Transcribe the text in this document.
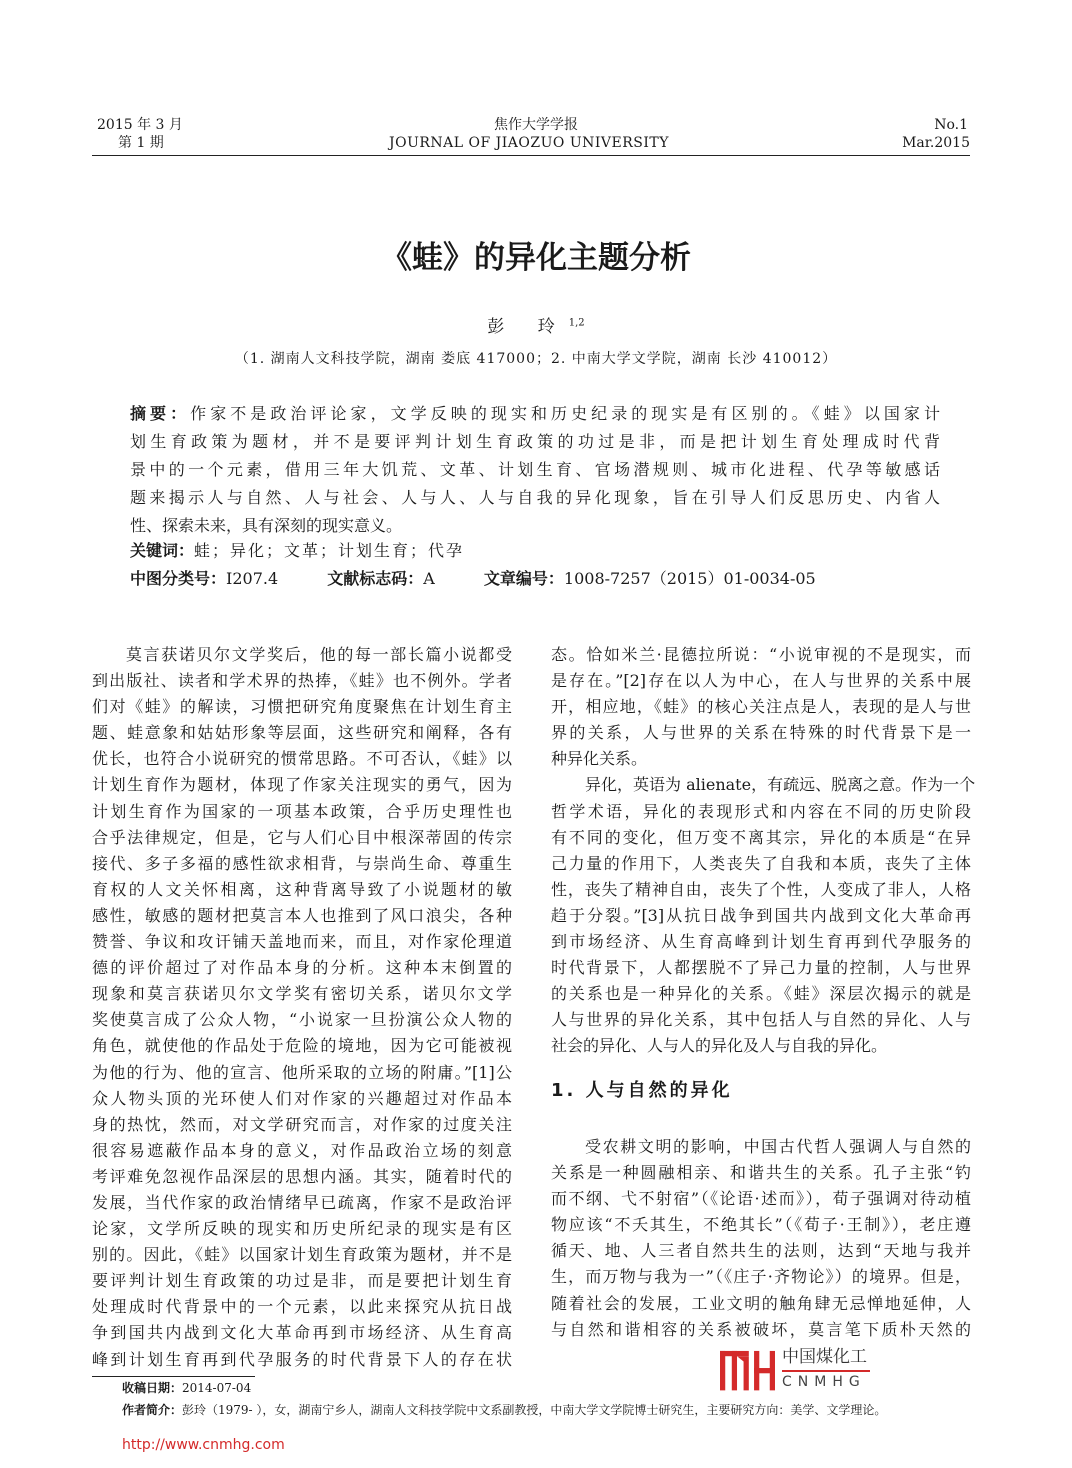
2015 年 3 月
第 1 期
焦作大学学报
JOURNAL OF JIAOZUO UNIVERSITY
No.1
Mar.2015
《蛙》的异化主题分析
彭 玲$^{1,2}$
（1. 湖南人文科技学院，湖南 娄底 417000；2. 中南大学文学院，湖南 长沙 410012）
摘要：作家不是政治评论家，文学反映的现实和历史纪录的现实是有区别的。《蛙》以国家计
划生育政策为题材，并不是要评判计划生育政策的功过是非，而是把计划生育处理成时代背
景中的一个元素，借用三年大饥荒、文革、计划生育、官场潜规则、城市化进程、代孕等敏感话
题来揭示人与自然、人与社会、人与人、人与自我的异化现象，旨在引导人们反思历史、内省人
性、探索未来，具有深刻的现实意义。
关键词：蛙；异化；文革；计划生育；代孕
中图分类号：I207.4	文献标志码：A	文章编号：1008-7257（2015）01-0034-05
莫言获诺贝尔文学奖后，他的每一部长篇小说都受
到出版社、读者和学术界的热捧，《蛙》也不例外。学者
们对《蛙》的解读，习惯把研究角度聚焦在计划生育主
题、蛙意象和姑姑形象等层面，这些研究和阐释，各有
优长，也符合小说研究的惯常思路。不可否认，《蛙》以
计划生育作为题材，体现了作家关注现实的勇气，因为
计划生育作为国家的一项基本政策，合乎历史理性也
合乎法律规定，但是，它与人们心目中根深蒂固的传宗
接代、多子多福的感性欲求相背，与崇尚生命、尊重生
育权的人文关怀相离，这种背离导致了小说题材的敏
感性，敏感的题材把莫言本人也推到了风口浪尖，各种
赞誉、争议和攻讦铺天盖地而来，而且，对作家伦理道
德的评价超过了对作品本身的分析。这种本末倒置的
现象和莫言获诺贝尔文学奖有密切关系，诺贝尔文学
奖使莫言成了公众人物，“小说家一旦扮演公众人物的
角色，就使他的作品处于危险的境地，因为它可能被视
为他的行为、他的宣言、他所采取的立场的附庸。”[1]公
众人物头顶的光环使人们对作家的兴趣超过对作品本
身的热忱，然而，对文学研究而言，对作家的过度关注
很容易遮蔽作品本身的意义，对作品政治立场的刻意
考评难免忽视作品深层的思想内涵。其实，随着时代的
发展，当代作家的政治情绪早已疏离，作家不是政治评
论家，文学所反映的现实和历史所纪录的现实是有区
别的。因此，《蛙》以国家计划生育政策为题材，并不是
要评判计划生育政策的功过是非，而是要把计划生育
处理成时代背景中的一个元素，以此来探究从抗日战
争到国共内战到文化大革命再到市场经济、从生育高
峰到计划生育再到代孕服务的时代背景下人的存在状
态。恰如米兰·昆德拉所说：“小说审视的不是现实，而
是存在。”[2]存在以人为中心，在人与世界的关系中展
开，相应地，《蛙》的核心关注点是人，表现的是人与世
界的关系，人与世界的关系在特殊的时代背景下是一
种异化关系。
异化，英语为 alienate，有疏远、脱离之意。作为一个
哲学术语，异化的表现形式和内容在不同的历史阶段
有不同的变化，但万变不离其宗，异化的本质是“在异
己力量的作用下，人类丧失了自我和本质，丧失了主体
性，丧失了精神自由，丧失了个性，人变成了非人，人格
趋于分裂。”[3]从抗日战争到国共内战到文化大革命再
到市场经济、从生育高峰到计划生育再到代孕服务的
时代背景下，人都摆脱不了异己力量的控制，人与世界
的关系也是一种异化的关系。《蛙》深层次揭示的就是
人与世界的异化关系，其中包括人与自然的异化、人与
社会的异化、人与人的异化及人与自我的异化。
1. 人与自然的异化
受农耕文明的影响，中国古代哲人强调人与自然的
关系是一种圆融相亲、和谐共生的关系。孔子主张“钓
而不纲、弋不射宿”（《论语·述而》），荀子强调对待动植
物应该“不夭其生，不绝其长”（《荀子·王制》），老庄遵
循天、地、人三者自然共生的法则，达到“天地与我并
生，而万物与我为一”（《庄子·齐物论》）的境界。但是，
随着社会的发展，工业文明的触角肆无忌惮地延伸，人
与自然和谐相容的关系被破坏，莫言笔下质朴天然的
收稿日期：2014-07-04
作者简介：彭玲（1979- ），女，湖南宁乡人，湖南人文科技学院中文系副教授，中南大学文学院博士研究生，主要研究方向：美学、文学理论。
http://www.cnmhg.com
中国煤化工
CNMHG
